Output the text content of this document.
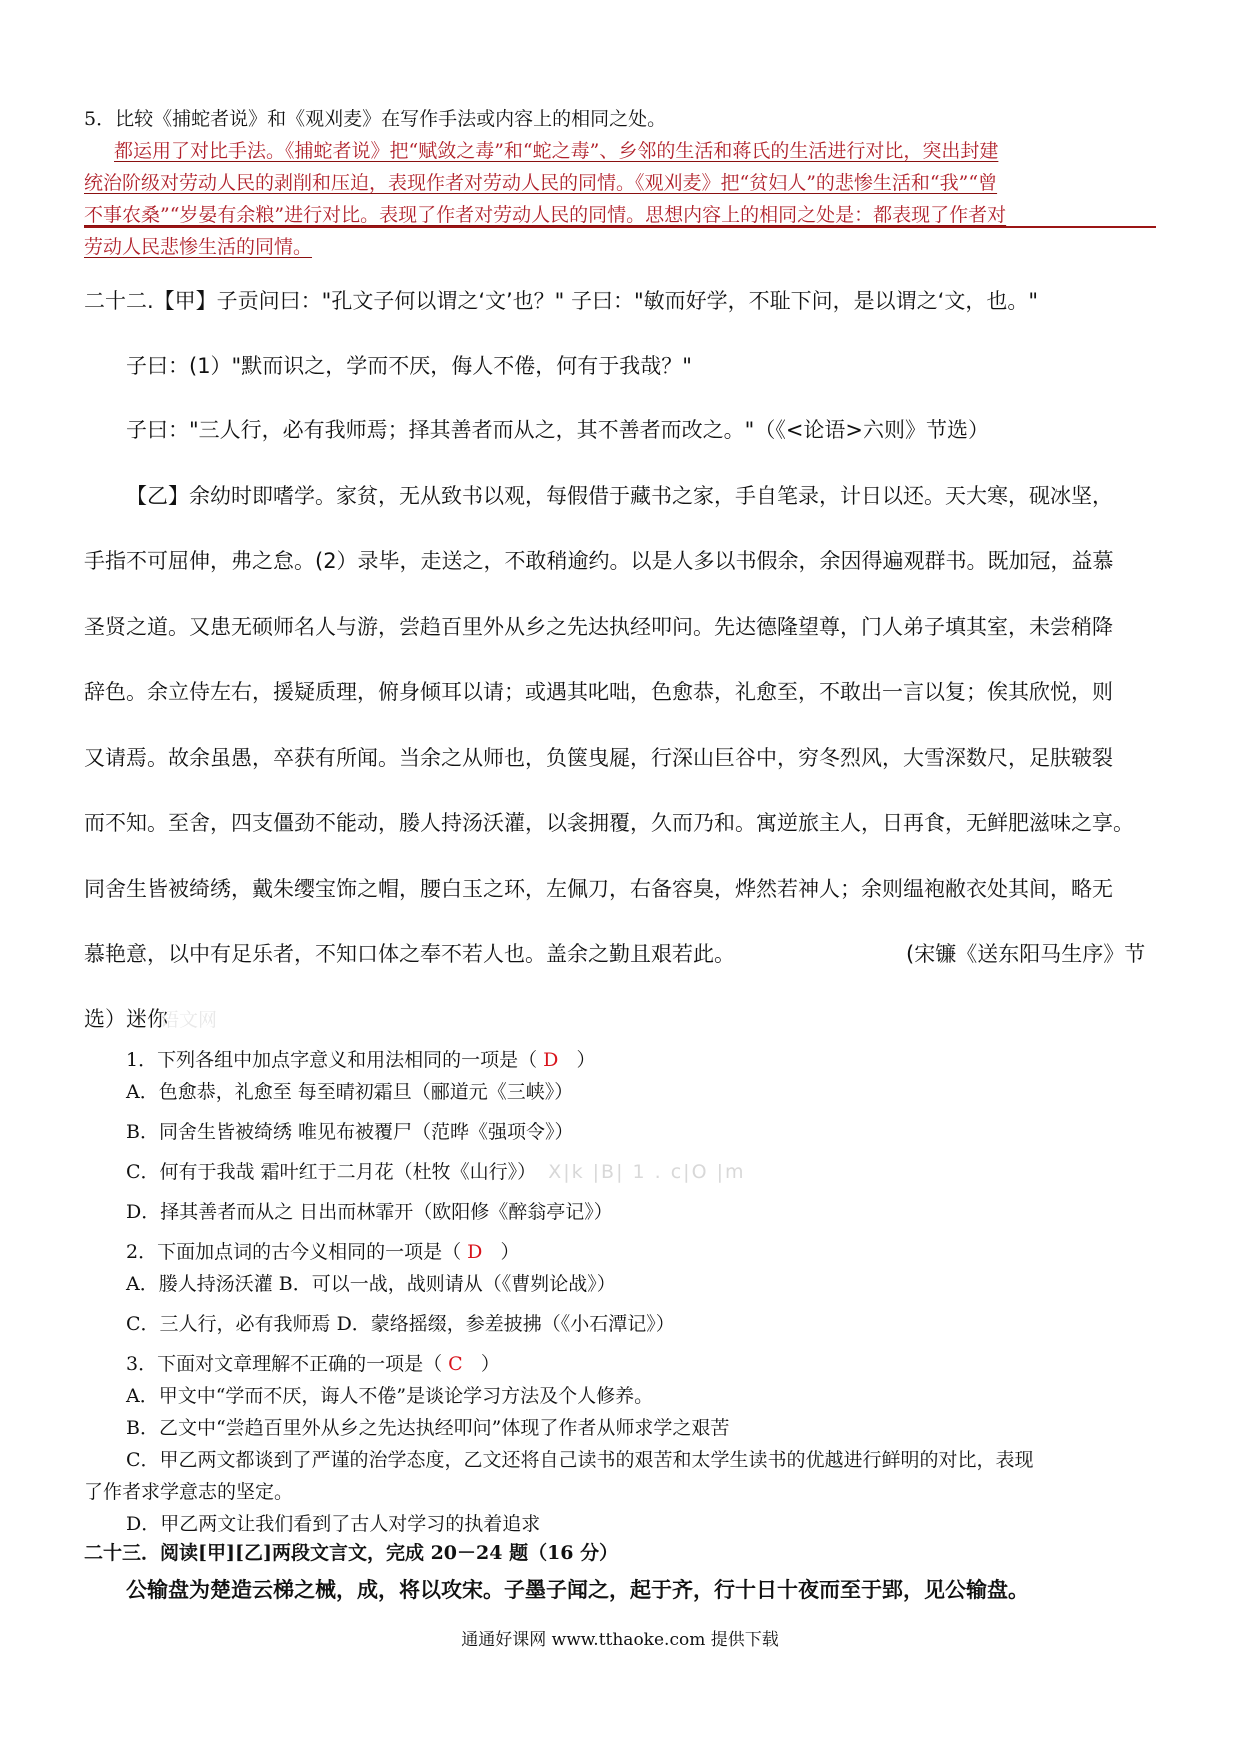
5．比较《捕蛇者说》和《观刈麦》在写作手法或内容上的相同之处。
都运用了对比手法。《捕蛇者说》把“赋敛之毒”和“蛇之毒”、乡邻的生活和蒋氏的生活进行对比，突出封建
统治阶级对劳动人民的剥削和压迫，表现作者对劳动人民的同情。《观刈麦》把“贫妇人”的悲惨生活和“我”“曾
不事农桑”“岁晏有余粮”进行对比。表现了作者对劳动人民的同情。思想内容上的相同之处是：都表现了作者对
劳动人民悲惨生活的同情。
二十二.【甲】子贡问曰："孔文子何以谓之‘文’也？" 子曰："敏而好学，不耻下问，是以谓之‘文，也。"
子曰：(1）"默而识之，学而不厌，侮人不倦，何有于我哉？"
子曰："三人行，必有我师焉；择其善者而从之，其不善者而改之。"（《<论语>六则》节选）
【乙】余幼时即嗜学。家贫，无从致书以观，每假借于藏书之家，手自笔录，计日以还。天大寒，砚冰坚，
手指不可屈伸，弗之怠。(2）录毕，走送之，不敢稍逾约。以是人多以书假余，余因得遍观群书。既加冠，益慕
圣贤之道。又患无硕师名人与游，尝趋百里外从乡之先达执经叩问。先达德隆望尊，门人弟子填其室，未尝稍降
辞色。余立侍左右，援疑质理，俯身倾耳以请；或遇其叱咄，色愈恭，礼愈至，不敢出一言以复；俟其欣悦，则
又请焉。故余虽愚，卒获有所闻。当余之从师也，负箧曳屣，行深山巨谷中，穷冬烈风，大雪深数尺，足肤皲裂
而不知。至舍，四支僵劲不能动，媵人持汤沃灌，以衾拥覆，久而乃和。寓逆旅主人，日再食，无鲜肥滋味之享。
同舍生皆被绮绣，戴朱缨宝饰之帽，腰白玉之环，左佩刀，右备容臭，烨然若神人；余则缊袍敝衣处其间，略无
慕艳意，以中有足乐者，不知口体之奉不若人也。盖余之勤且艰若此。	(宋镰《送东阳马生序》节
选）迷你
语文网
1．下列各组中加点字意义和用法相同的一项是（ D ）
A．色愈恭，礼愈至 每至晴初霜旦（郦道元《三峡》）
B．同舍生皆被绮绣 唯见布被覆尸（范晔《强项令》）
C．何有于我哉 霜叶红于二月花（杜牧《山行》） X|k |B| 1 . c|O |m
D．择其善者而从之 日出而林霏开（欧阳修《醉翁亭记》）
2．下面加点词的古今义相同的一项是（ D ）
A．媵人持汤沃灌 B．可以一战，战则请从（《曹刿论战》）
C．三人行，必有我师焉 D．蒙络摇缀，参差披拂（《小石潭记》）
3．下面对文章理解不正确的一项是（ C ）
A．甲文中“学而不厌，诲人不倦”是谈论学习方法及个人修养。
B．乙文中“尝趋百里外从乡之先达执经叩问”体现了作者从师求学之艰苦
C．甲乙两文都谈到了严谨的治学态度，乙文还将自己读书的艰苦和太学生读书的优越进行鲜明的对比，表现
了作者求学意志的坚定。
D．甲乙两文让我们看到了古人对学习的执着追求
二十三．阅读[甲][乙]两段文言文，完成 20－24 题（16 分）
公输盘为楚造云梯之械，成，将以攻宋。子墨子闻之，起于齐，行十日十夜而至于郢，见公输盘。
通通好课网 www.tthaoke.com 提供下载
